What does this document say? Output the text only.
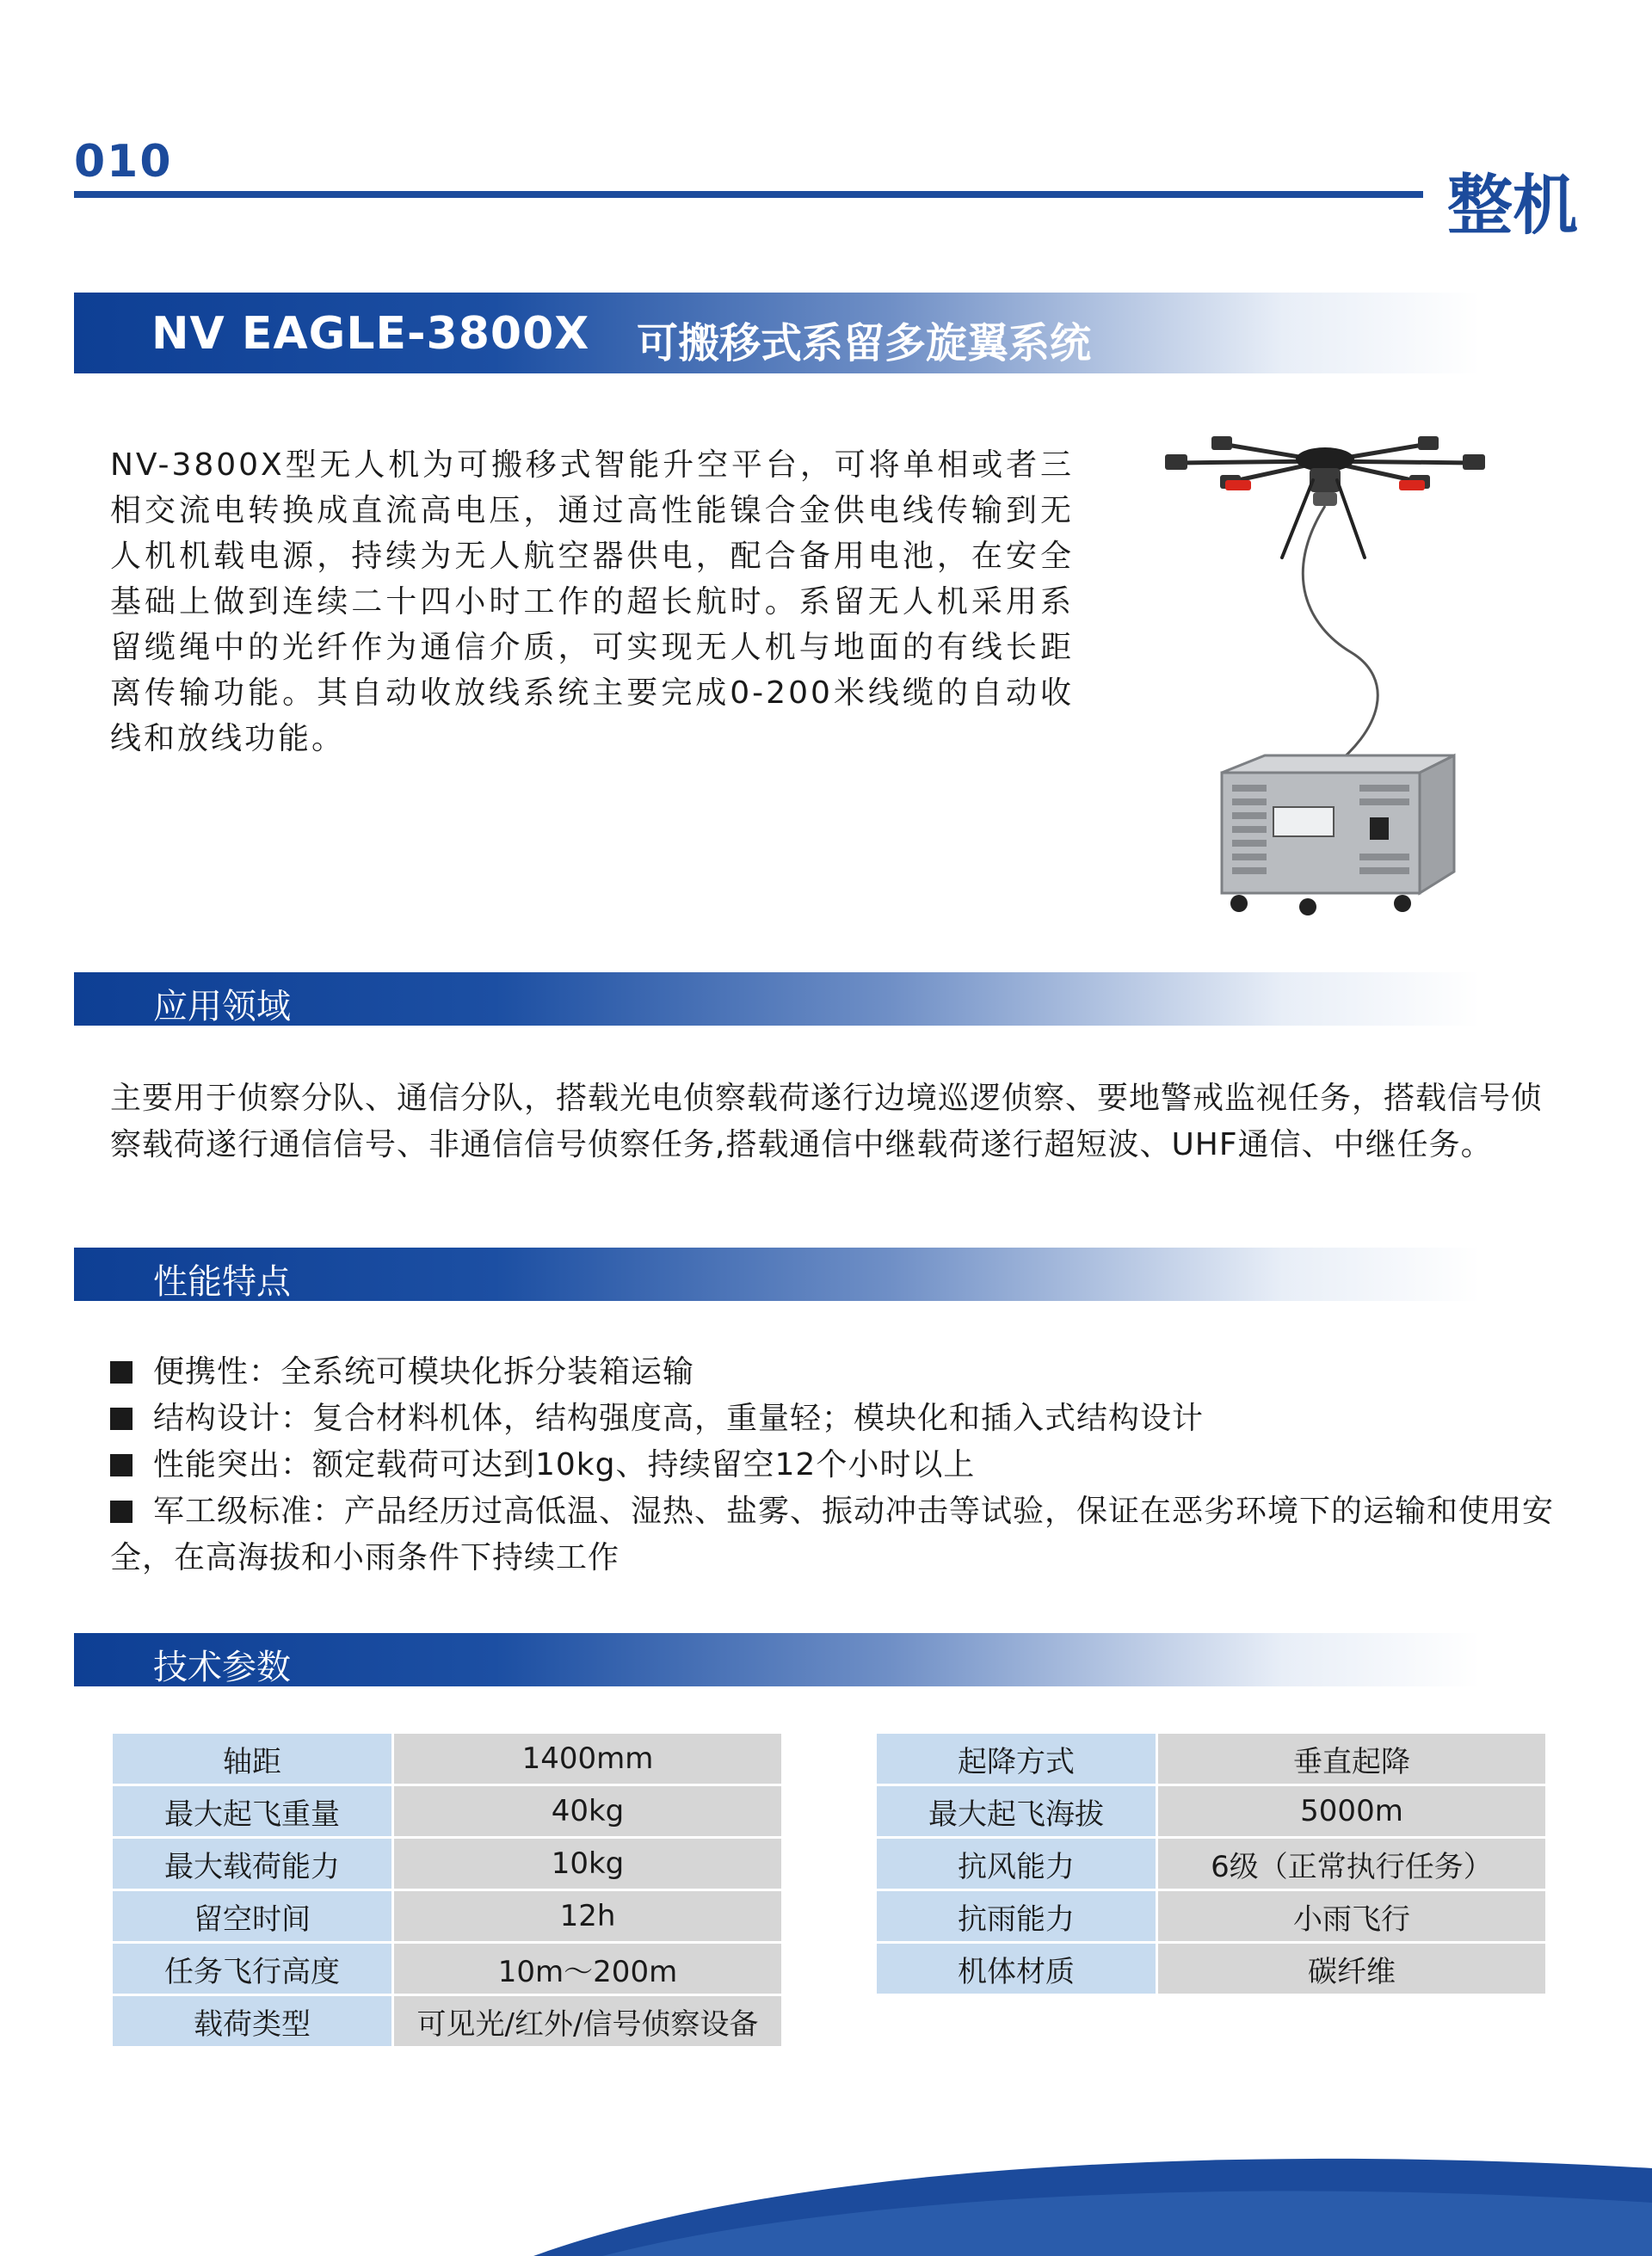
010
整机
NV EAGLE-3800X 可搬移式系留多旋翼系统

NV-3800X型无人机为可搬移式智能升空平台，可将单相或者三相交流电转换成直流高电压，通过高性能镍合金供电线传输到无人机机载电源，持续为无人航空器供电，配合备用电池，在安全基础上做到连续二十四小时工作的超长航时。系留无人机采用系留缆绳中的光纤作为通信介质，可实现无人机与地面的有线长距离传输功能。其自动收放线系统主要完成0-200米线缆的自动收线和放线功能。

应用领域

主要用于侦察分队、通信分队，搭载光电侦察载荷遂行边境巡逻侦察、要地警戒监视任务，搭载信号侦察载荷遂行通信信号、非通信信号侦察任务,搭载通信中继载荷遂行超短波、UHF通信、中继任务。

性能特点
便携性：全系统可模块化拆分装箱运输
结构设计：复合材料机体，结构强度高，重量轻；模块化和插入式结构设计
性能突出：额定载荷可达到10kg、持续留空12个小时以上
军工级标准：产品经历过高低温、湿热、盐雾、振动冲击等试验，保证在恶劣环境下的运输和使用安 全，在高海拔和小雨条件下持续工作
技术参数
轴距	1400mm
最大起飞重量	40kg
最大载荷能力	10kg
留空时间	12h
任务飞行高度	10m～200m
载荷类型	可见光/红外/信号侦察设备
起降方式	垂直起降
最大起飞海拔	5000m
抗风能力	6级（正常执行任务）
抗雨能力	小雨飞行
机体材质	碳纤维
